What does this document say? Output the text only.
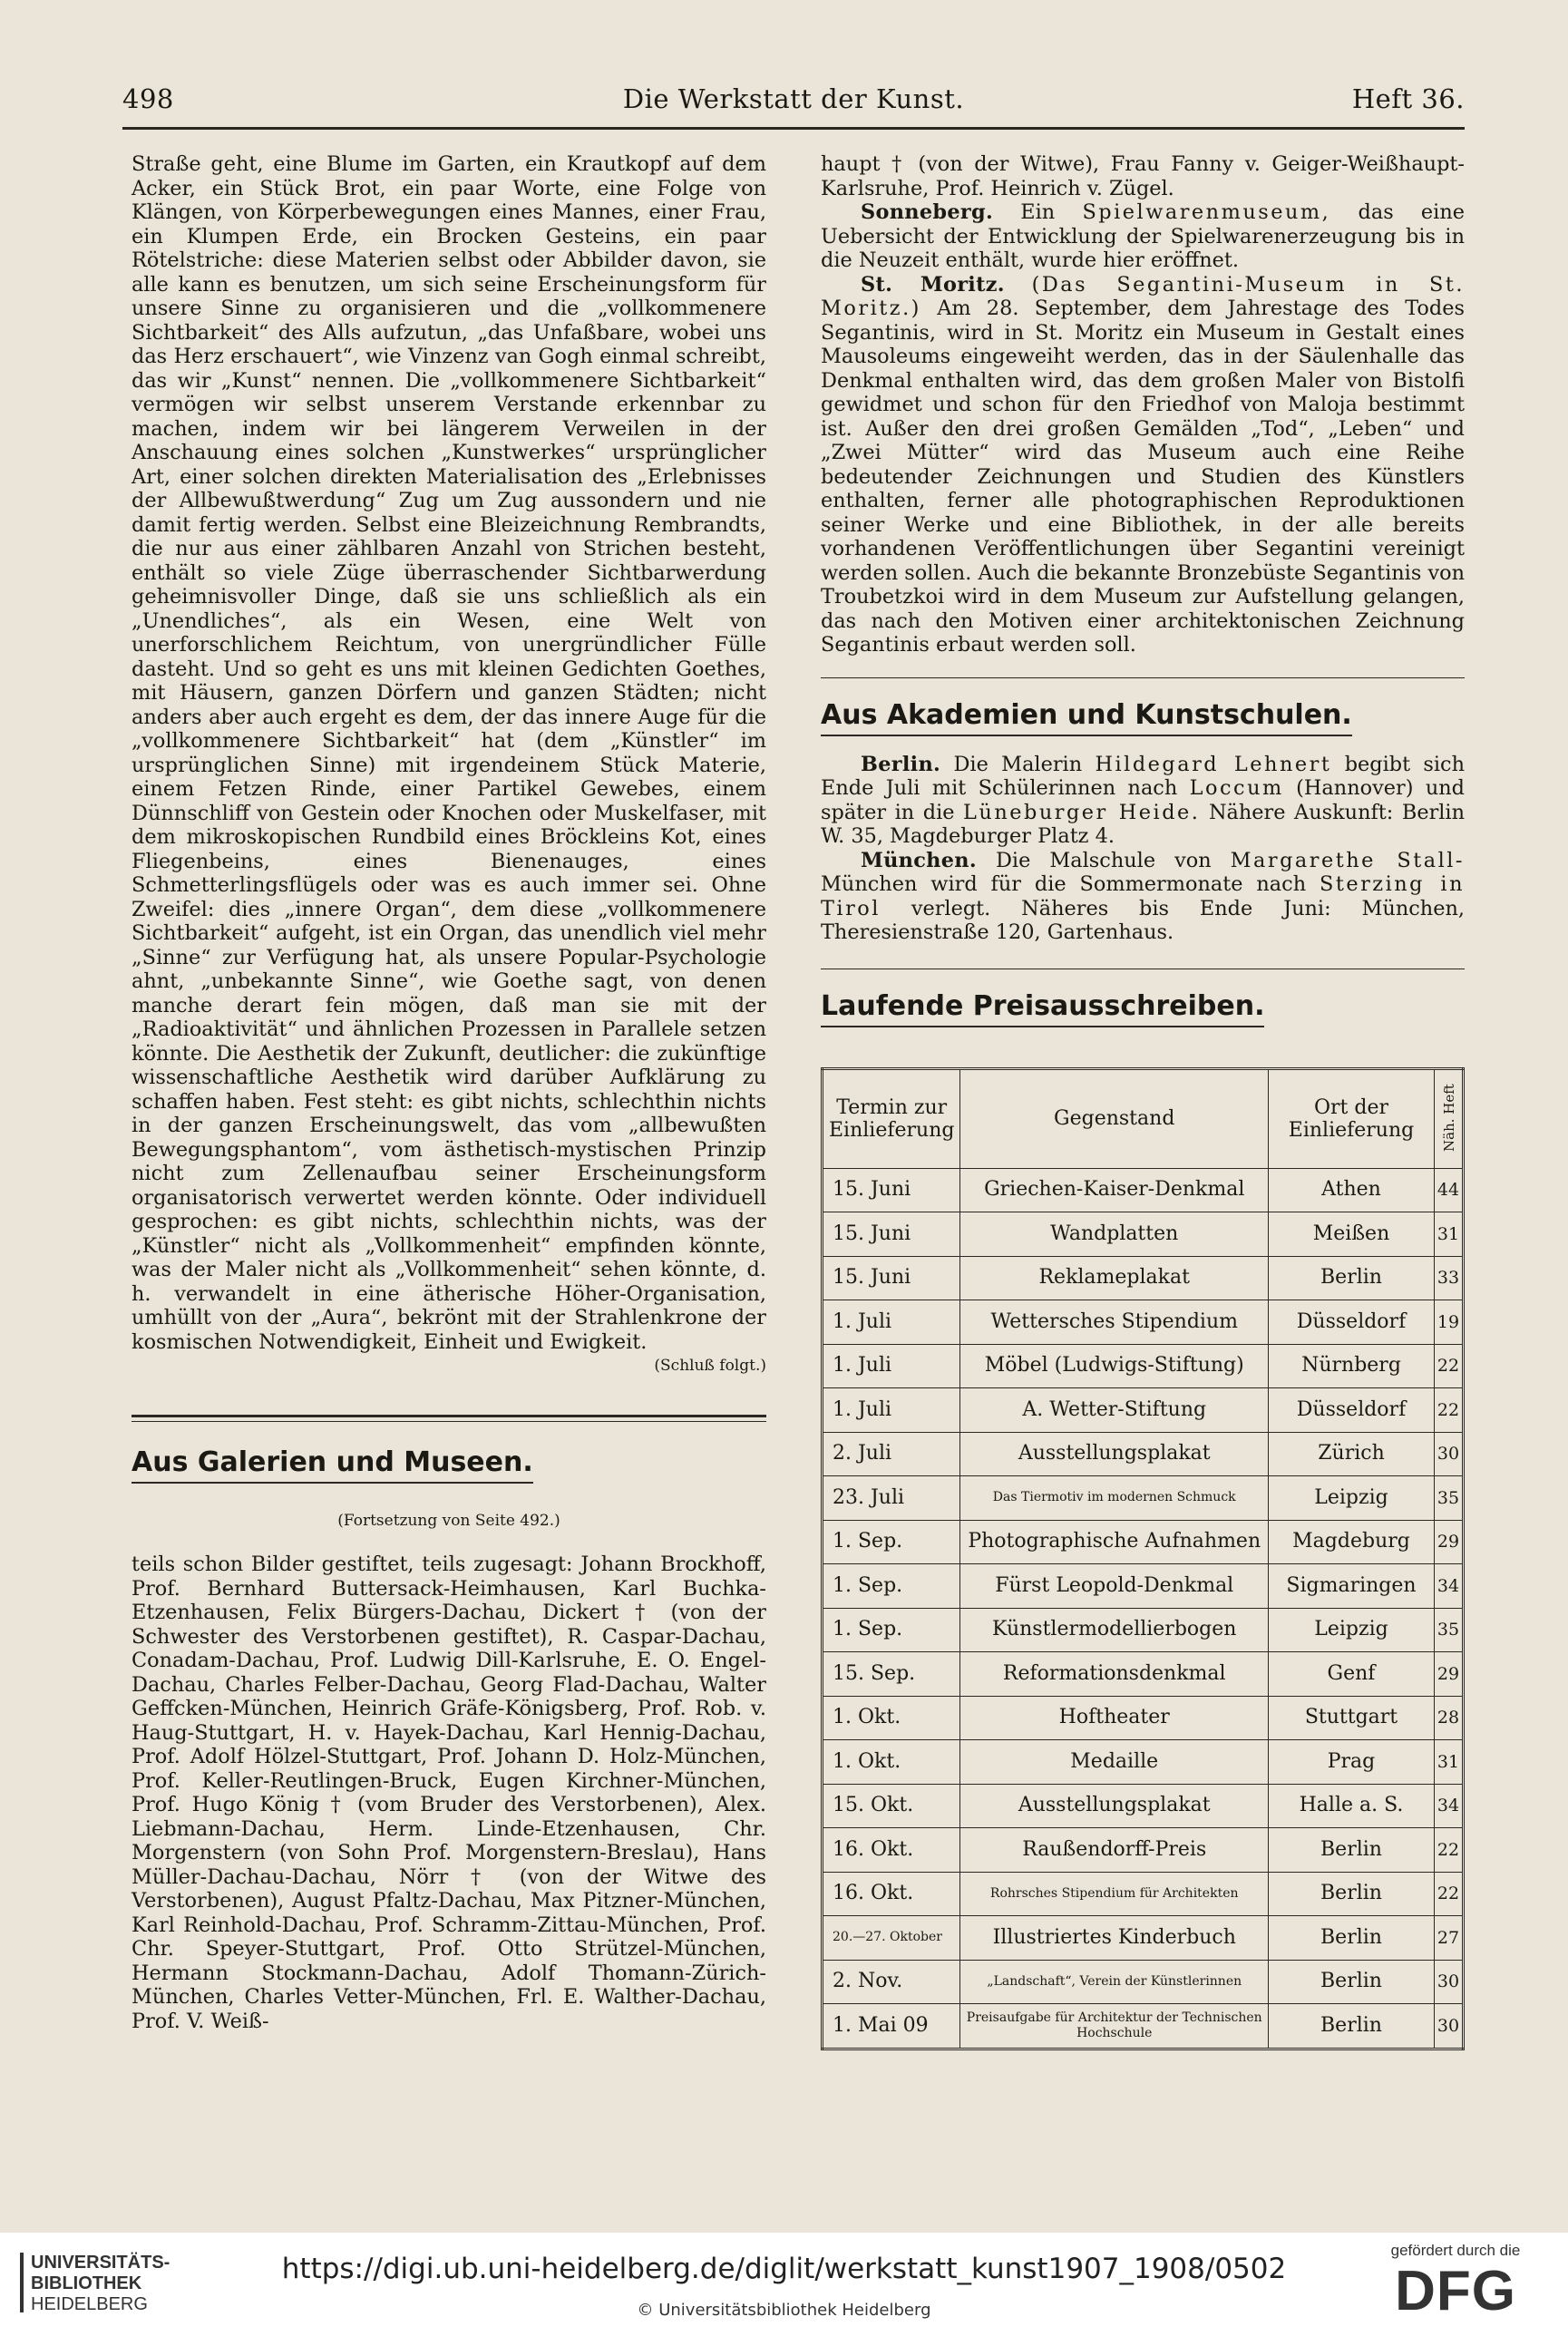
498	Die Werkstatt der Kunst.	Heft 36.

Straße geht, eine Blume im Garten, ein Krautkopf auf dem Acker, ein Stück Brot, ein paar Worte, eine Folge von Klängen, von Körperbewegungen eines Mannes, einer Frau, ein Klumpen Erde, ein Brocken Gesteins, ein paar Rötelstriche: diese Materien selbst oder Abbilder davon, sie alle kann es benutzen, um sich seine Erscheinungsform für unsere Sinne zu organisieren und die „vollkommenere Sichtbarkeit“ des Alls aufzutun, „das Unfaßbare, wobei uns das Herz erschauert“, wie Vinzenz van Gogh einmal schreibt, das wir „Kunst“ nennen. Die „vollkommenere Sichtbarkeit“ vermögen wir selbst unserem Verstande erkennbar zu machen, indem wir bei längerem Verweilen in der Anschauung eines solchen „Kunstwerkes“ ursprünglicher Art, einer solchen direkten Materialisation des „Erlebnisses der Allbewußtwerdung“ Zug um Zug aussondern und nie damit fertig werden. Selbst eine Bleizeichnung Rembrandts, die nur aus einer zählbaren Anzahl von Strichen besteht, enthält so viele Züge überraschender Sichtbarwerdung geheimnisvoller Dinge, daß sie uns schließlich als ein „Unendliches“, als ein Wesen, eine Welt von unerforschlichem Reichtum, von unergründlicher Fülle dasteht. Und so geht es uns mit kleinen Gedichten Goethes, mit Häusern, ganzen Dörfern und ganzen Städten; nicht anders aber auch ergeht es dem, der das innere Auge für die „vollkommenere Sichtbarkeit“ hat (dem „Künstler“ im ursprünglichen Sinne) mit irgendeinem Stück Materie, einem Fetzen Rinde, einer Partikel Gewebes, einem Dünnschliff von Gestein oder Knochen oder Muskelfaser, mit dem mikroskopischen Rundbild eines Bröckleins Kot, eines Fliegenbeins, eines Bienenauges, eines Schmetterlingsflügels oder was es auch immer sei. Ohne Zweifel: dies „innere Organ“, dem diese „vollkommenere Sichtbarkeit“ aufgeht, ist ein Organ, das unendlich viel mehr „Sinne“ zur Verfügung hat, als unsere Popular-Psychologie ahnt, „unbekannte Sinne“, wie Goethe sagt, von denen manche derart fein mögen, daß man sie mit der „Radioaktivität“ und ähnlichen Prozessen in Parallele setzen könnte. Die Aesthetik der Zukunft, deutlicher: die zukünftige wissenschaftliche Aesthetik wird darüber Aufklärung zu schaffen haben. Fest steht: es gibt nichts, schlechthin nichts in der ganzen Erscheinungswelt, das vom „allbewußten Bewegungsphantom“, vom ästhetisch-mystischen Prinzip nicht zum Zellenaufbau seiner Erscheinungsform organisatorisch verwertet werden könnte. Oder individuell gesprochen: es gibt nichts, schlechthin nichts, was der „Künstler“ nicht als „Vollkommenheit“ empfinden könnte, was der Maler nicht als „Vollkommenheit“ sehen könnte, d. h. verwandelt in eine ätherische Höher-Organisation, umhüllt von der „Aura“, bekrönt mit der Strahlenkrone der kosmischen Notwendigkeit, Einheit und Ewigkeit.

(Schluß folgt.)
Aus Galerien und Museen.
(Fortsetzung von Seite 492.)

teils schon Bilder gestiftet, teils zugesagt: Johann Brockhoff, Prof. Bernhard Buttersack-Heimhausen, Karl Buchka-Etzenhausen, Felix Bürgers-Dachau, Dickert † (von der Schwester des Verstorbenen gestiftet), R. Caspar-Dachau, Conadam-Dachau, Prof. Ludwig Dill-Karlsruhe, E. O. Engel-Dachau, Charles Felber-Dachau, Georg Flad-Dachau, Walter Geffcken-München, Heinrich Gräfe-Königsberg, Prof. Rob. v. Haug-Stuttgart, H. v. Hayek-Dachau, Karl Hennig-Dachau, Prof. Adolf Hölzel-Stuttgart, Prof. Johann D. Holz-München, Prof. Keller-Reutlingen-Bruck, Eugen Kirchner-München, Prof. Hugo König † (vom Bruder des Verstorbenen), Alex. Liebmann-Dachau, Herm. Linde-Etzenhausen, Chr. Morgenstern (von Sohn Prof. Morgenstern-Breslau), Hans Müller-Dachau-Dachau, Nörr † (von der Witwe des Verstorbenen), August Pfaltz-Dachau, Max Pitzner-München, Karl Reinhold-Dachau, Prof. Schramm-Zittau-München, Prof. Chr. Speyer-Stuttgart, Prof. Otto Strützel-München, Hermann Stockmann-Dachau, Adolf Thomann-Zürich-München, Charles Vetter-München, Frl. E. Walther-Dachau, Prof. V. Weiß-

haupt † (von der Witwe), Frau Fanny v. Geiger-Weißhaupt-Karlsruhe, Prof. Heinrich v. Zügel.

Sonneberg. Ein Spielwarenmuseum, das eine Uebersicht der Entwicklung der Spielwarenerzeugung bis in die Neuzeit enthält, wurde hier eröffnet.

St. Moritz. (Das Segantini-Museum in St. Moritz.) Am 28. September, dem Jahrestage des Todes Segantinis, wird in St. Moritz ein Museum in Gestalt eines Mausoleums eingeweiht werden, das in der Säulenhalle das Denkmal enthalten wird, das dem großen Maler von Bistolfi gewidmet und schon für den Friedhof von Maloja bestimmt ist. Außer den drei großen Gemälden „Tod“, „Leben“ und „Zwei Mütter“ wird das Museum auch eine Reihe bedeutender Zeichnungen und Studien des Künstlers enthalten, ferner alle photographischen Reproduktionen seiner Werke und eine Bibliothek, in der alle bereits vorhandenen Veröffentlichungen über Segantini vereinigt werden sollen. Auch die bekannte Bronzebüste Segantinis von Troubetzkoi wird in dem Museum zur Aufstellung gelangen, das nach den Motiven einer architektonischen Zeichnung Segantinis erbaut werden soll.

Aus Akademien und Kunstschulen.

Berlin. Die Malerin Hildegard Lehnert begibt sich Ende Juli mit Schülerinnen nach Loccum (Hannover) und später in die Lüneburger Heide. Nähere Auskunft: Berlin W. 35, Magdeburger Platz 4.

München. Die Malschule von Margarethe Stall- München wird für die Sommermonate nach Sterzing in Tirol verlegt. Näheres bis Ende Juni: München, Theresienstraße 120, Gartenhaus.

Laufende Preisausschreiben.
Termin zur Einlieferung	Gegenstand	Ort der Einlieferung	Näh. Heft
15. Juni	Griechen-Kaiser-Denkmal	Athen	44
15. Juni	Wandplatten	Meißen	31
15. Juni	Reklameplakat	Berlin	33
1. Juli	Wettersches Stipendium	Düsseldorf	19
1. Juli	Möbel (Ludwigs-Stiftung)	Nürnberg	22
1. Juli	A. Wetter-Stiftung	Düsseldorf	22
2. Juli	Ausstellungsplakat	Zürich	30
23. Juli	Das Tiermotiv im modernen Schmuck	Leipzig	35
1. Sep.	Photographische Aufnahmen	Magdeburg	29
1. Sep.	Fürst Leopold-Denkmal	Sigmaringen	34
1. Sep.	Künstlermodellierbogen	Leipzig	35
15. Sep.	Reformationsdenkmal	Genf	29
1. Okt.	Hoftheater	Stuttgart	28
1. Okt.	Medaille	Prag	31
15. Okt.	Ausstellungsplakat	Halle a. S.	34
16. Okt.	Raußendorff-Preis	Berlin	22
16. Okt.	Rohrsches Stipendium für Architekten	Berlin	22
20.—27. Oktober	Illustriertes Kinderbuch	Berlin	27
2. Nov.	„Landschaft“, Verein der Künstlerinnen	Berlin	30
1. Mai 09	Preisaufgabe für Architektur der Technischen Hochschule	Berlin	30
UNIVERSITÄTS-
BIBLIOTHEK
HEIDELBERG
https://digi.ub.uni-heidelberg.de/diglit/werkstatt_kunst1907_1908/0502
© Universitätsbibliothek Heidelberg
gefördert durch die
DFG
